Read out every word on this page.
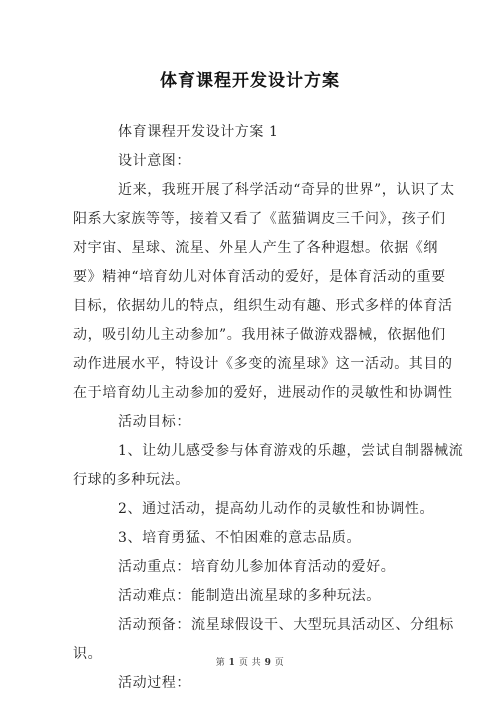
体育课程开发设计方案
体育课程开发设计方案 1
设计意图：
近来，我班开展了科学活动“奇异的世界”，认识了太
阳系大家族等等，接着又看了《蓝猫调皮三千问》，孩子们
对宇宙、星球、流星、外星人产生了各种遐想。依据《纲
要》精神“培育幼儿对体育活动的爱好，是体育活动的重要
目标，依据幼儿的特点，组织生动有趣、形式多样的体育活
动，吸引幼儿主动参加”。我用袜子做游戏器械，依据他们
动作进展水平，特设计《多变的流星球》这一活动。其目的
在于培育幼儿主动参加的爱好，进展动作的灵敏性和协调性
活动目标：
1、让幼儿感受参与体育游戏的乐趣，尝试自制器械流
行球的多种玩法。
2、通过活动，提高幼儿动作的灵敏性和协调性。
3、培育勇猛、不怕困难的意志品质。
活动重点：培育幼儿参加体育活动的爱好。
活动难点：能制造出流星球的多种玩法。
活动预备：流星球假设干、大型玩具活动区、分组标
识。
活动过程：
第 1 页 共 9 页
